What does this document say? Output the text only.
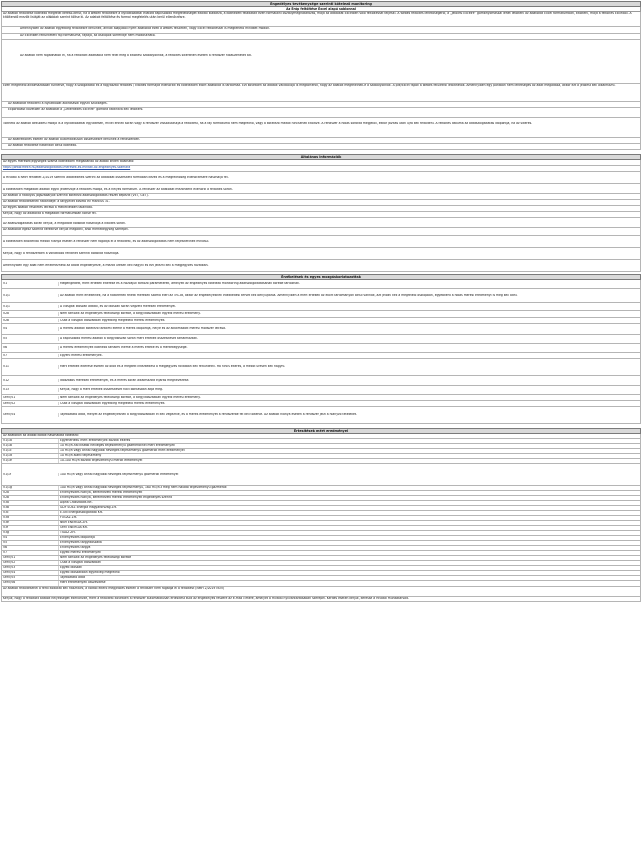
Engedélyes tevékenysége szerinti kötelező monitoring
Az Eráp feltöltése Excel alapú sablonnal
Az adatok feltöltése kötelező megfelel kereső-kerüt, ha a weben feltöltésre a Nyilatkozattal ellátott kapcsolódó megfelelőséget ezáltal kiadásra, a kötelezett feladatait ezen formalaini osztálymeghatározás, majd az adatokat Excelben való feltöltéssel teljesíti. A webes feltöltés lehetőségéről, a „Jelölési Excelre” gombnyomással lehet letölteni az adatokat Excel formátumban, kitölteni, majd a feltöltés Excelből. A kitöltendő mezők listáját az alábbiak szerint töltse ki. Az adatok feltöltése és formai megfelelés után kerül ellenőrzésre.
Amennyiben az adatok egyedileg feltöltésre kerülnek, annak alapjából nyert adatokat ezek a webes felületen, vagy Excel feltöltéssel is megtehető mindkét módon.
Az Excelben feltüntetett fájl formátuma, fajtája, az oszlopok sorrendje nem módosítható.
Az adatok nem fogadhatók el, ha a feltöltött adattábla nem felel meg a kitöltési szabályoknak, a feltöltés sikertelen esetén a rendszer hibaüzenetet ad.
Ezen megfelelő alkalmazásban tüntetve, hogy a szolgáltatói és a fogyasztói feltöltés / kitöltés formáját ellenőrzik és kötelezően előírt adatokat is tartalmaz. Ezt követően az adatok validációja is megtörténik, hogy az adatok megfelelnek-e a szabályoknak. A pdf/Excel fájlok a webes felületről letölthetők. Amennyiben egy pontban nem lehetséges az adat megadása, akkor ezt a jelölést kell alkalmazni.
Az adatokat feltölteni a Nyilatkozat aláírásával együtt szükséges.
Exportálást követően az adatokat a „Lekérdezés Excelre” gombra kattintva kell letölteni.
Tölthető az adatok beküldési módja is a Nyilatkozattal együttesen, mivel ennek során vagy a rendszer visszautasítja a feltöltést, ha a fájl formátuma nem megfelelő, vagy a kötelező mezők nincsenek kitöltve. A rendszer a hibás sorokat megjelöli, ekkor javítás után újra kell feltölteni. A feltöltés dátuma az adatszolgáltatás időpontja, ha az sikeres.
Az adatfeltöltés esetén az adatok automatikusan összesítésre kerülnek a rendszerben.
Az adatok feltöltése határidőn belül kötelező.
Általános információk
Az egyes mérések/egységek száma kötelezően megadandó az alábbi linken található:
https://www.mekh.hu/adatszolgaltatasi-meresek-es-mintak-az-engedelyes-szamara
A Hivatal a NMH rendelet 2/2019 szerinti adatkezelés szerint az adatokat összesített formában kezeli és a megfelelőség ellenőrzésére használja fel.
A kötelezően megadott adatok egyik jellemzője a feltöltés módja, és a helyes formátum. A rendszer az adatokat mezőnként ellenőrzi a feltöltés során.
Az adatok a hatályos jogszabályok szerinti kötelező adatszolgáltatás részét képezik (VET, GET).
Az adatok feltöltésének határideje: a tárgyévet követő év március 31.
Az egyes adatok részletes leírása a mellékletben található.
Kérjük, hogy az adatokat a megadott formátumban töltse fel.
Az adatszolgáltatás során kérjük, a megadott kódokat használja a kitöltés során.
Az adatokat egész számra kerekítve kérjük megadni, ahol mértékegység szerepel.
A kötelezően kitöltendő mezők hiánya esetén a rendszer nem fogadja el a feltöltést, és az adatszolgáltatás nem teljesítettnek minősül.
Kérjük, hogy a rendszerben a vonatkozó rendelet szerinti kódokat használja.
Amennyiben egy adat nem értelmezhető az adott engedélyesre, a mezőt üresen kell hagyni és ezt jelezni kell a megjegyzés rovatban.
Érzékelések és egyes mozgáskorlatozottak
V1	Megengedett, mért értékek eltérése és a hozzájuk tartozó paraméterek, amelyek az engedélyes kötelező monitoring adatszolgáltatásának körébe tartoznak.
V1/1	Az adatok mért értékeinek, ha a határérték feletti mérések száma eléri az 5%-ot, akkor az engedélyesnek intézkedési tervet kell benyújtania. Amennyiben a mért értékek az előírt tartományon belül vannak, azt jelölni kell a megfelelő oszlopban, egyébként a hibás mérési eredményt is meg kell adni.
V1/1	A vizsgált időszak adatai, és az időszak során végzett mérések eredményei.
V2a	Nem tartozik az engedélyes felelősségi körébe, a tárgyidőszakban egyedi mérési eredmény.
V2b	Csak a vizsgált időszakban egyedileg megfelelő mérési eredmények.
V4	A mérési adatok kötelező tartalmi eleme a mérés időpontja, helye és az alkalmazott mérési módszer leírása.
V5	A kapcsolódó mérési adatok a tárgyidőszak során mért értékek összesítését tartalmazzák.
V6	A mérési eredmények kötelező tartalmi eleme a mérés értéke és a mértékegysége.
V7	Egyéni mérési eredmények.
V11	Mért értékek eltérése esetén az okot és a megtett intézkedést a megjegyzés rovatban kell feltüntetni. Ha nincs eltérés, a mezőt üresen kell hagyni.
V12	Időszakos mérések eredményei, és a mérés során alkalmazott eljárás megnevezése.
V13	Kérjük, hogy a mért értékek összesítését havi bontásban adja meg.
ÖMV/V1	Nem tartozik az engedélyes felelősségi körébe, a tárgyidőszakban egyedi mérési eredmény.
ÖMV/V2	Csak a vizsgált időszakban egyedileg megfelelő mérési eredmények.
ÖMV/V4	Tájékoztató adat, melyet az engedélyesnek a tárgyidőszakban el kell végeznie, és a mérés eredményét a rendszerbe fel kell töltenie. Az adatok hiánya esetén a rendszer jelzi a hiányzó tételeket.
Értesítések mért eredményei
Az adatokon az alábbi kódok használata kötelező:
V1/1a	Egyenértékű mért eredmények közötti eltérés
V1/1b	10 m3/h-nál kisebb névleges teljesítményű gázmérőknél mért eredmények
V1/1c	10 m3/h vagy annál nagyobb névleges teljesítményű gázmérők mért eredményei
V1/1d	10 m3/h alatti teljesítmény
V1/1e	10-100 m3/h közötti teljesítményű mérők eredményei
V1/1f	100 m3/h vagy annál nagyobb névleges teljesítményű gázmérők eredményei
V1/1g	100 m3/h vagy annál nagyobb névleges teljesítményű, 160 m3/h-t meg nem haladó teljesítményű gázmérők
V2a	Érvényesítés hiánya, kérelmezett mérési eredmények
V2b	Érvényesítés hiánya, kérelmezett mérési eredmények engedélyes szerint
V3a	Alpha Crossroads Kft.
V3b	GDF SUEZ Energia Magyarország Zrt.
V3c	E.ON Energiaszolgáltató Kft.
V3d	FŐGÁZ Zrt.
V3e	NKM ENERGIA Zrt.
V3f	OMV ENERGIA Kft.
V3g	TIGÁZ Zrt.
V4	Érvényesítés időpontja
V5	Érvényesítés tárgyidőszaka
V6	Érvényesítés tárgya
V7	Egyéb mérési eredmények
ÖMV/V1	Nem tartozik az engedélyes felelősségi körébe
ÖMV/V2	Csak a vizsgált időszakban
ÖMV/V3	Egyéb időszak
ÖMV/V4	Egyéb időszakban egyedileg megfelelő
ÖMV/V5	Tájékoztató adat
ÖMV/V6	Mért eredmények összesítése
Az adatok feltöltésénél a fenti kódokat kell használni, a kódtól eltérő megjelölés esetén a rendszer nem fogadja el a feltöltést (NMH 2/2019 NOV)
Kérjük, hogy a feltöltött adatok helyességét ellenőrizze, mert a feltöltést követően a rendszer automatikusan értesítést küld az engedélyes részére az e-mail címére, amelyet a Hivatal nyilvántartásában szerepel. Kérdés esetén kérjük, keresse a Hivatal munkatársait.
